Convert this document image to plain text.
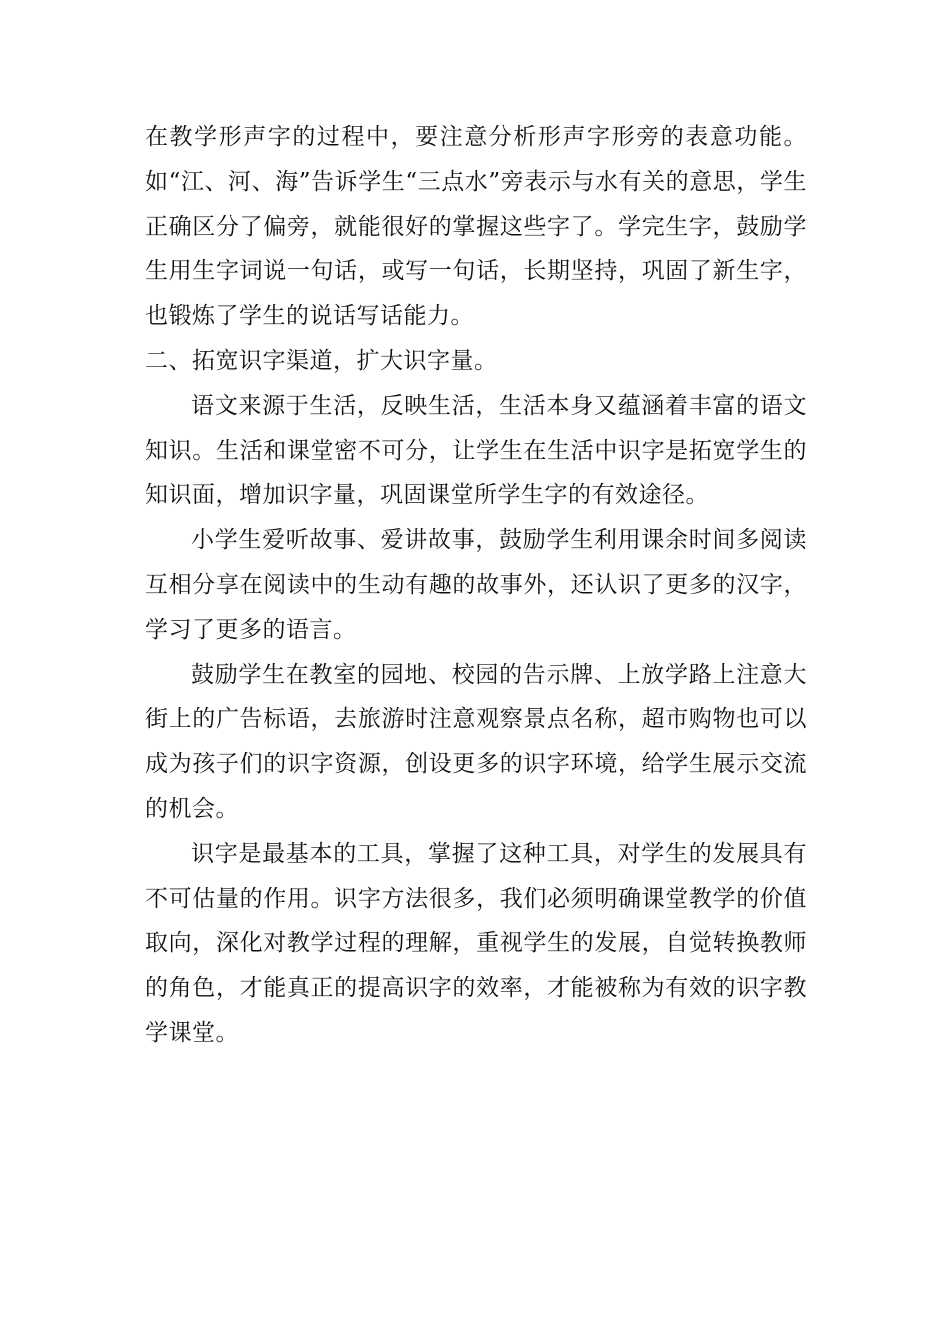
在教学形声字的过程中，要注意分析形声字形旁的表意功能。如“江、河、海”告诉学生“三点水”旁表示与水有关的意思，学生正确区分了偏旁，就能很好的掌握这些字了。学完生字，鼓励学生用生字词说一句话，或写一句话，长期坚持，巩固了新生字，也锻炼了学生的说话写话能力。

二、拓宽识字渠道，扩大识字量。

语文来源于生活，反映生活，生活本身又蕴涵着丰富的语文知识。生活和课堂密不可分，让学生在生活中识字是拓宽学生的知识面，增加识字量，巩固课堂所学生字的有效途径。

小学生爱听故事、爱讲故事，鼓励学生利用课余时间多阅读互相分享在阅读中的生动有趣的故事外，还认识了更多的汉字，学习了更多的语言。

鼓励学生在教室的园地、校园的告示牌、上放学路上注意大街上的广告标语，去旅游时注意观察景点名称，超市购物也可以成为孩子们的识字资源，创设更多的识字环境，给学生展示交流的机会。

识字是最基本的工具，掌握了这种工具，对学生的发展具有不可估量的作用。识字方法很多，我们必须明确课堂教学的价值取向，深化对教学过程的理解，重视学生的发展，自觉转换教师的角色，才能真正的提高识字的效率，才能被称为有效的识字教学课堂。
